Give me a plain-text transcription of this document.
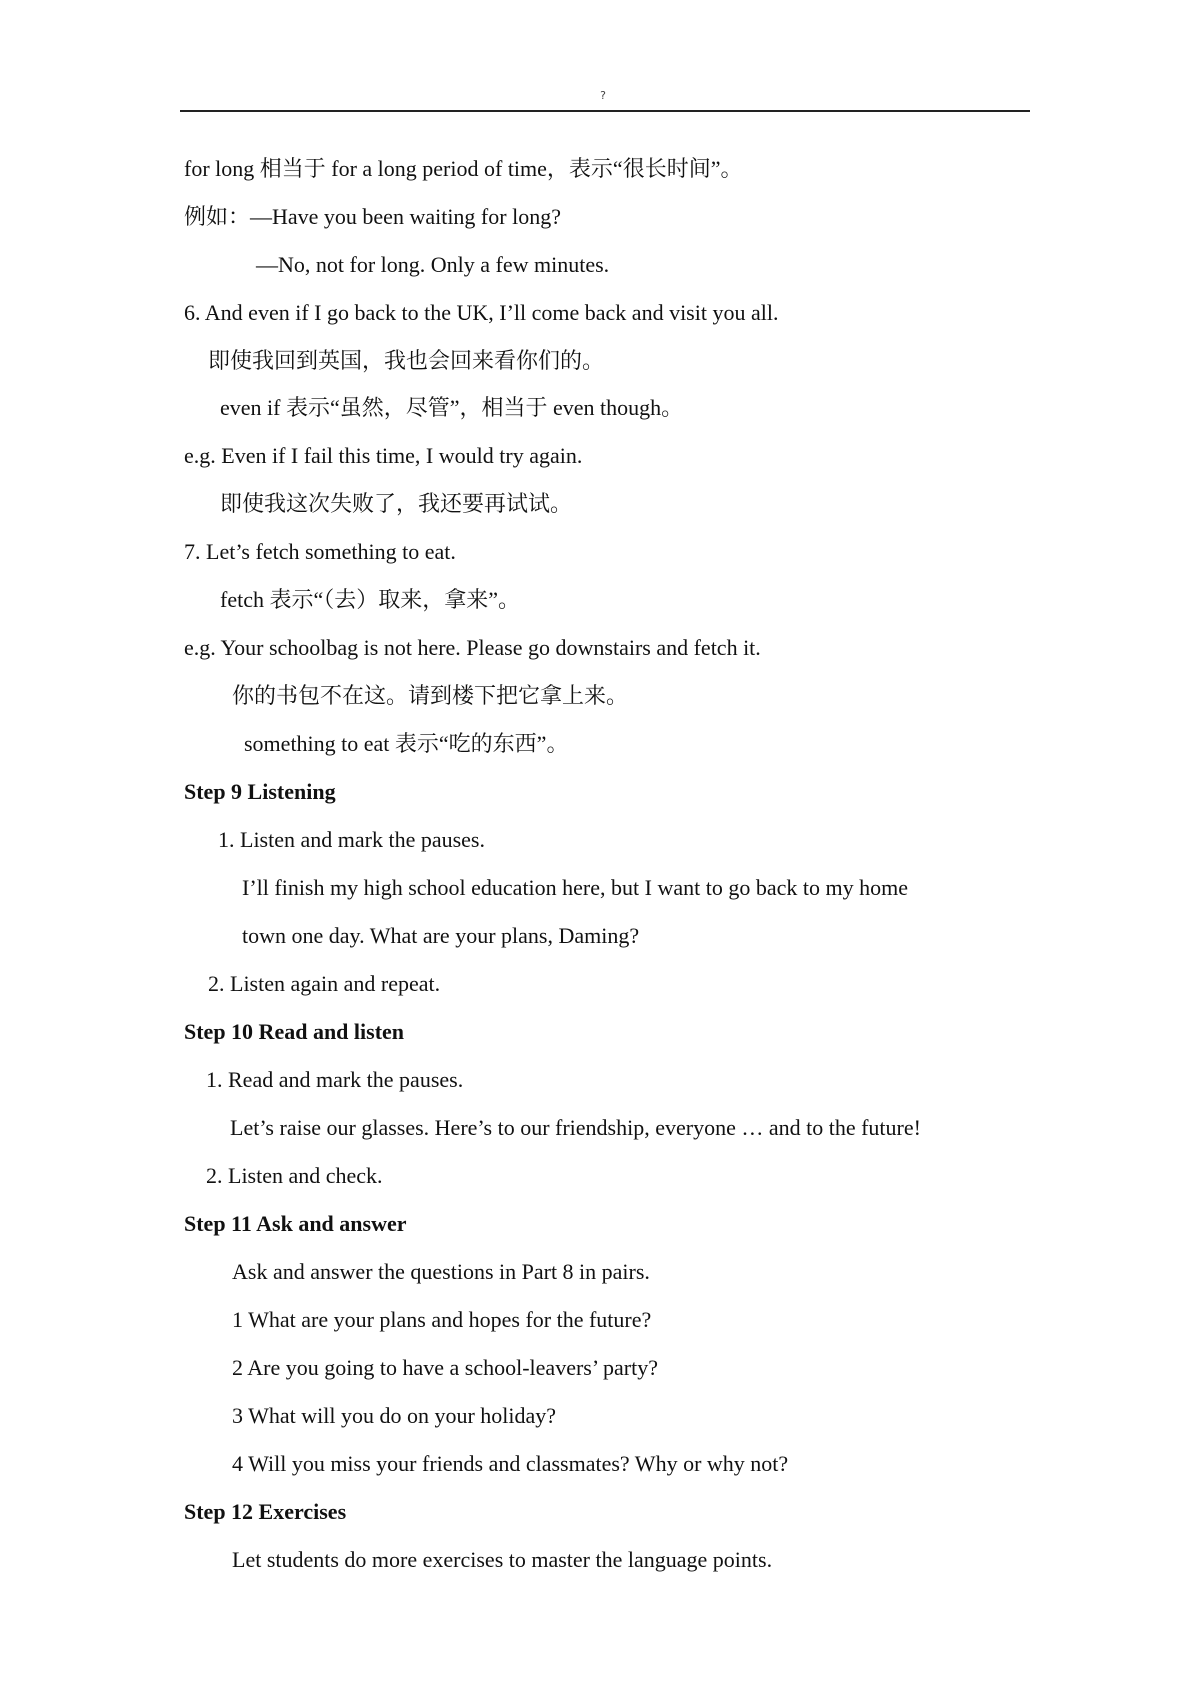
?
for long 相当于 for a long period of time，表示“很长时间”。
例如：—Have you been waiting for long?
—No, not for long. Only a few minutes.
6. And even if I go back to the UK, I’ll come back and visit you all.
即使我回到英国，我也会回来看你们的。
even if 表示“虽然，尽管”，相当于 even though。
e.g. Even if I fail this time, I would try again.
即使我这次失败了，我还要再试试。
7. Let’s fetch something to eat.
fetch 表示“（去）取来，拿来”。
e.g. Your schoolbag is not here. Please go downstairs and fetch it.
你的书包不在这。请到楼下把它拿上来。
something to eat 表示“吃的东西”。
Step 9 Listening
1. Listen and mark the pauses.
I’ll finish my high school education here, but I want to go back to my home
town one day. What are your plans, Daming?
2. Listen again and repeat.
Step 10 Read and listen
1. Read and mark the pauses.
Let’s raise our glasses. Here’s to our friendship, everyone … and to the future!
2. Listen and check.
Step 11 Ask and answer
Ask and answer the questions in Part 8 in pairs.
1 What are your plans and hopes for the future?
2 Are you going to have a school-leavers’ party?
3 What will you do on your holiday?
4 Will you miss your friends and classmates? Why or why not?
Step 12 Exercises
Let students do more exercises to master the language points.
